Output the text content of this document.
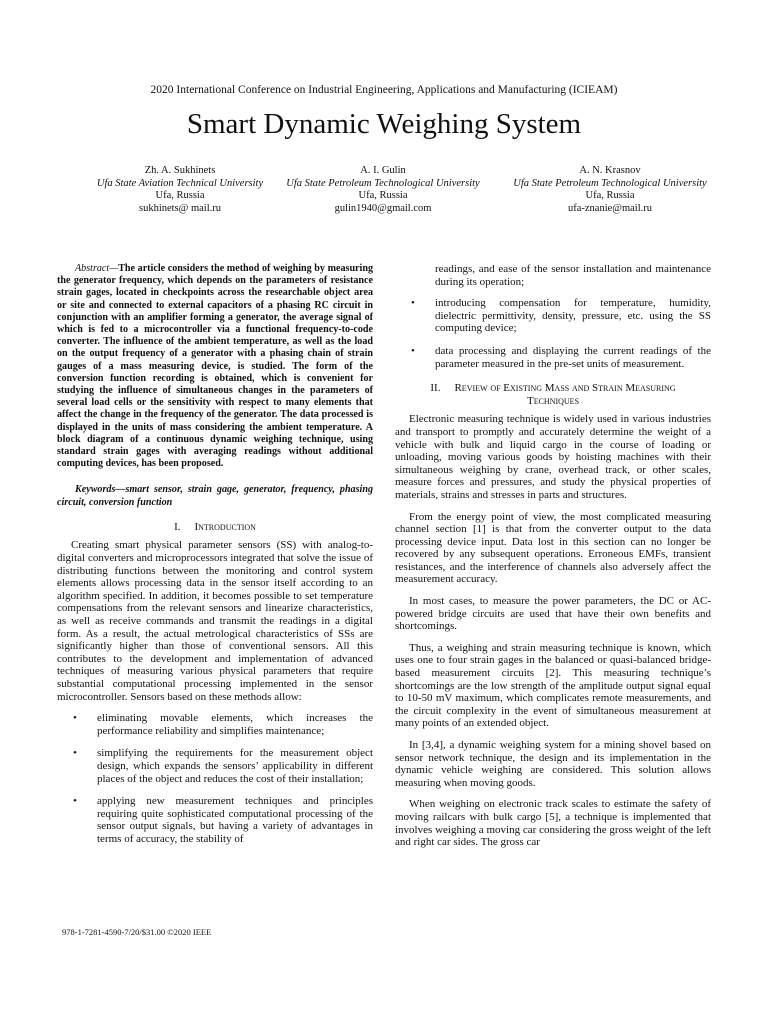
2020 International Conference on Industrial Engineering, Applications and Manufacturing (ICIEAM)
Smart Dynamic Weighing System
Zh. A. Sukhinets
Ufa State Aviation Technical University
Ufa, Russia
sukhinets@ mail.ru
A. I. Gulin
Ufa State Petroleum Technological University
Ufa, Russia
gulin1940@gmail.com
A. N. Krasnov
Ufa State Petroleum Technological University
Ufa, Russia
ufa-znanie@mail.ru

Abstract—The article considers the method of weighing by measuring the generator frequency, which depends on the parameters of resistance strain gages, located in checkpoints across the researchable object area or site and connected to external capacitors of a phasing RC circuit in conjunction with an amplifier forming a generator, the average signal of which is fed to a microcontroller via a functional frequency-to-code converter. The influence of the ambient temperature, as well as the load on the output frequency of a generator with a phasing chain of strain gauges of a mass measuring device, is studied. The form of the conversion function recording is obtained, which is convenient for studying the influence of simultaneous changes in the parameters of several load cells or the sensitivity with respect to many elements that affect the change in the frequency of the generator. The data processed is displayed in the units of mass considering the ambient temperature. A block diagram of a continuous dynamic weighing technique, using standard strain gages with averaging readings without additional computing devices, has been proposed.

Keywords—smart sensor, strain gage, generator, frequency, phasing circuit, conversion function

I. Introduction

Creating smart physical parameter sensors (SS) with analog-to-digital converters and microprocessors integrated that solve the issue of distributing functions between the monitoring and control system elements allows processing data in the sensor itself according to an algorithm specified. In addition, it becomes possible to set temperature compensations from the relevant sensors and linearize characteristics, as well as receive commands and transmit the readings in a digital form. As a result, the actual metrological characteristics of SSs are significantly higher than those of conventional sensors. All this contributes to the development and implementation of advanced techniques of measuring various physical parameters that require substantial computational processing implemented in the sensor microcontroller. Sensors based on these methods allow:

• eliminating movable elements, which increases the performance reliability and simplifies maintenance;
• simplifying the requirements for the measurement object design, which expands the sensors’ applicability in different places of the object and reduces the cost of their installation;
• applying new measurement techniques and principles requiring quite sophisticated computational processing of the sensor output signals, but having a variety of advantages in terms of accuracy, the stability of
readings, and ease of the sensor installation and maintenance during its operation;
• introducing compensation for temperature, humidity, dielectric permittivity, density, pressure, etc. using the SS computing device;
• data processing and displaying the current readings of the parameter measured in the pre-set units of measurement.
II. Review of Existing Mass and Strain Measuring
Techniques

Electronic measuring technique is widely used in various industries and transport to promptly and accurately determine the weight of a vehicle with bulk and liquid cargo in the course of loading or unloading, moving various goods by hoisting machines with their simultaneous weighing by crane, overhead track, or other scales, measure forces and pressures, and study the physical properties of materials, strains and stresses in parts and structures.

From the energy point of view, the most complicated measuring channel section [1] is that from the converter output to the data processing device input. Data lost in this section can no longer be recovered by any subsequent operations. Erroneous EMFs, transient resistances, and the interference of channels also adversely affect the measurement accuracy.

In most cases, to measure the power parameters, the DC or AC-powered bridge circuits are used that have their own benefits and shortcomings.

Thus, a weighing and strain measuring technique is known, which uses one to four strain gages in the balanced or quasi-balanced bridge-based measurement circuits [2]. This measuring technique’s shortcomings are the low strength of the amplitude output signal equal to 10-50 mV maximum, which complicates remote measurements, and the circuit complexity in the event of simultaneous measurement at many points of an extended object.

In [3,4], a dynamic weighing system for a mining shovel based on sensor network technique, the design and its implementation in the dynamic vehicle weighing are considered. This solution allows measuring when moving goods.

When weighing on electronic track scales to estimate the safety of moving railcars with bulk cargo [5], a technique is implemented that involves weighing a moving car considering the gross weight of the left and right car sides. The gross car

978-1-7281-4590-7/20/$31.00 ©2020 IEEE
